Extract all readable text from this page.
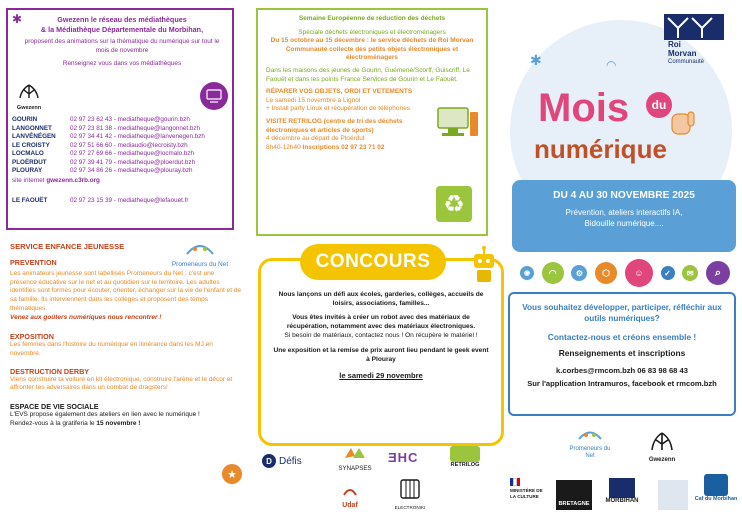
✱	Gwezenn le réseau des médiathèques

& la Médiathèque Départementale du Morbihan,

proposent des animations sur la thématique du numérique sur tout le mois de novembre

Renseignez vous dans vos médiathèques

Gwezenn
GOURIN	02 97 23 62 43 - mediatheque@gourin.bzh
LANGONNET	02 97 23 81 38 - mediatheque@langonnet.bzh
LANVÉNÉGEN 02 97 34 41 42 - mediatheque@lanvenegen.bzh
LE CROISTY	02 97 51 66 60 - mediaudio@lecroisty.bzh
LOCMALO	02 97 27 69 66 - mediatheque@locmalo.bzh
PLOËRDUT	02 97 39 41 79 - mediatheque@ploerdut.bzh
PLOURAY	02 97 34 86 26 - mediatheque@plouray.bzh
site internet gwezenn.c3rb.org
LE FAOUËT	02 97 23 15 39 - mediatheque@lefaouet.fr

Semaine Européenne de réduction des déchets

Spéciale déchets électroniques et électroménagers

Du 15 octobre au 15 décembre : le service déchets de Roi Morvan Communauté collecte des petits objets électroniques et électroménagers

Dans les maisons des jeunes de Gourin, Guémené/Scorff, Guiscriff, Le Faouët et dans les points France Services de Gourin et Le Faouët.

RÉPARER VOS OBJETS, ORDI ET VETEMENTS

Le samedi 15 novembre à Lignol

+ Install party Linux et récupération de téléphones

VISITE RETRILOG (centre de tri des déchets électroniques et articles de sports)

4 décembre au départ de Ploërdut

8h40-12h40 Inscriptions 02 97 23 71 02

♻

SERVICE ENFANCE JEUNESSE

PREVENTION

Les animateurs jeunesse sont labellisés Promeneurs du Net : c'est une présence éducative sur le net et au quotidien sur le territoire. Les adultes identifiés sont formés pour écouter, orienter, échanger sur la vie de l'enfant et de sa famille. Ils interviennent dans les collèges et proposent des temps thématiques.

Venez aux goûters numériques nous rencontrer !

EXPOSITION

Les femmes dans l'histoire du numérique en itinérance dans les MJ en novembre.

DESTRUCTION DERBY

Viens construire ta voiture en kit électronique, construire l'arène et le décor et affronter tes adversaires dans un combat de dragsters!

ESPACE DE VIE SOCIALE

L'EVS propose également des ateliers en lien avec le numérique ! Rendez-vous à la gratiferia le 15 novembre !

Promeneurs du Net
★

Nous lançons un défi aux écoles, garderies, collèges, accueils de loisirs, associations, familles...

Vous êtes invités à créer un robot avec des matériaux de récupération, notamment avec des matériaux électroniques.

Si besoin de matériaux, contactez nous ! On récupère le matériel !

Une exposition et la remise de prix auront lieu pendant le geek event à Plouray

le samedi 29 novembre

CONCOURS
D Défis
SYNAPSES
ƎHC	RETRILOG
Udaf	ELECTRONIKI
Roi
Morvan
Communauté
✱	◠
Mois	du
numérique

DU 4 AU 30 NOVEMBRE 2025

Prévention, ateliers interactifs IA,

Bidouille numérique....

◉	◠	⚙	⬡	☺	✓	✉	⌕

Vous souhaitez développer, participer, réfléchir aux outils numériques?

Contactez-nous et créons ensemble !

Renseignements et inscriptions

k.corbes@rmcom.bzh 06 83 98 68 43

Sur l'application Intramuros, facebook et rmcom.bzh

Promeneurs du Net
Gwezenn
MINISTÈRE DE LA CULTURE
BRETAGNE	MORBIHAN	Caf du Morbihan
